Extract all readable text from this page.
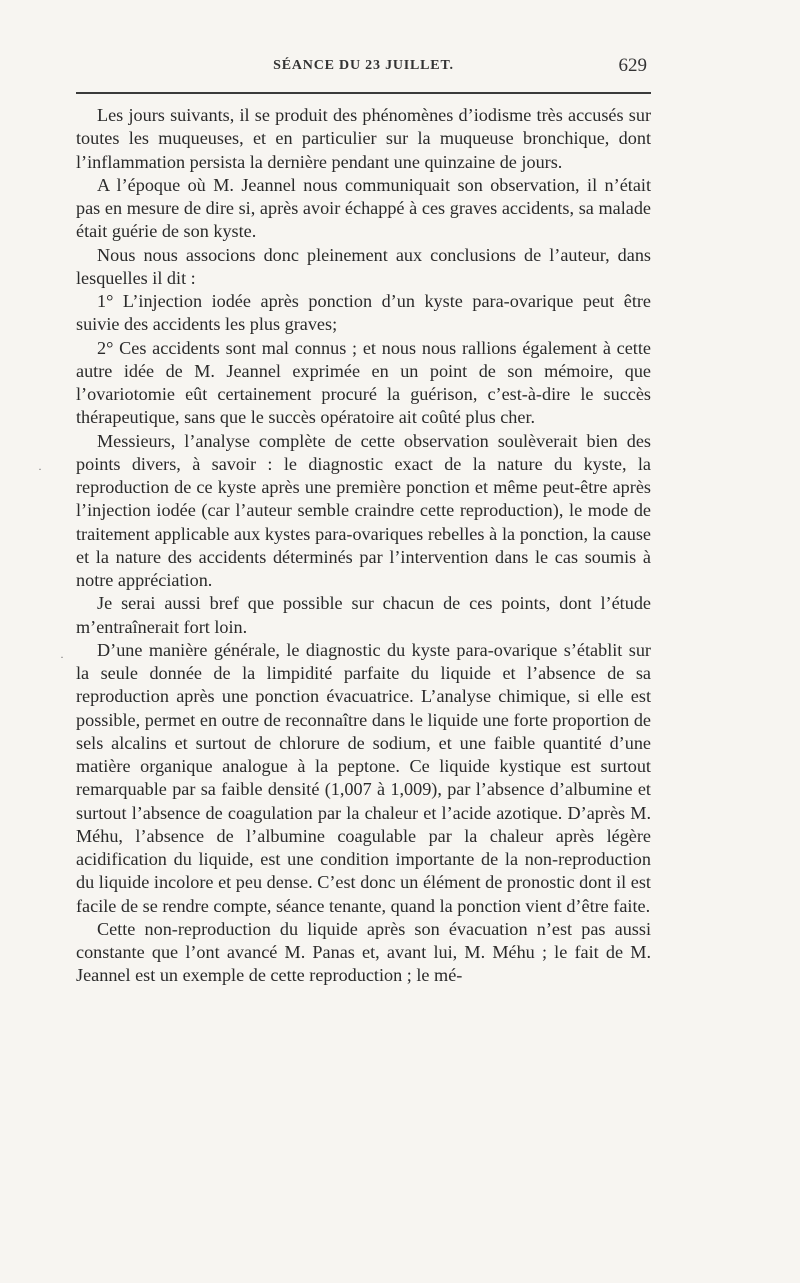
SÉANCE DU 23 JUILLET.	629

Les jours suivants, il se produit des phénomènes d’iodisme très accusés sur toutes les muqueuses, et en particulier sur la muqueuse bronchique, dont l’inflammation persista la dernière pendant une quinzaine de jours.

A l’époque où M. Jeannel nous communiquait son observation, il n’était pas en mesure de dire si, après avoir échappé à ces graves accidents, sa malade était guérie de son kyste.

Nous nous associons donc pleinement aux conclusions de l’auteur, dans lesquelles il dit :

1° L’injection iodée après ponction d’un kyste para-ovarique peut être suivie des accidents les plus graves;

2° Ces accidents sont mal connus ; et nous nous rallions également à cette autre idée de M. Jeannel exprimée en un point de son mémoire, que l’ovariotomie eût certainement procuré la guérison, c’est-à-dire le succès thérapeutique, sans que le succès opératoire ait coûté plus cher.

Messieurs, l’analyse complète de cette observation soulèverait bien des points divers, à savoir : le diagnostic exact de la nature du kyste, la reproduction de ce kyste après une première ponction et même peut-être après l’injection iodée (car l’auteur semble craindre cette reproduction), le mode de traitement applicable aux kystes para-ovariques rebelles à la ponction, la cause et la nature des accidents déterminés par l’intervention dans le cas soumis à notre appréciation.

Je serai aussi bref que possible sur chacun de ces points, dont l’étude m’entraînerait fort loin.

D’une manière générale, le diagnostic du kyste para-ovarique s’établit sur la seule donnée de la limpidité parfaite du liquide et l’absence de sa reproduction après une ponction évacuatrice. L’analyse chimique, si elle est possible, permet en outre de reconnaître dans le liquide une forte proportion de sels alcalins et surtout de chlorure de sodium, et une faible quantité d’une matière organique analogue à la peptone. Ce liquide kystique est surtout remarquable par sa faible densité (1,007 à 1,009), par l’absence d’albumine et surtout l’absence de coagulation par la chaleur et l’acide azotique. D’après M. Méhu, l’absence de l’albumine coagulable par la chaleur après légère acidification du liquide, est une condition importante de la non-reproduction du liquide incolore et peu dense. C’est donc un élément de pronostic dont il est facile de se rendre compte, séance tenante, quand la ponction vient d’être faite.

Cette non-reproduction du liquide après son évacuation n’est pas aussi constante que l’ont avancé M. Panas et, avant lui, M. Méhu ; le fait de M. Jeannel est un exemple de cette reproduction ; le mé-

·
·
